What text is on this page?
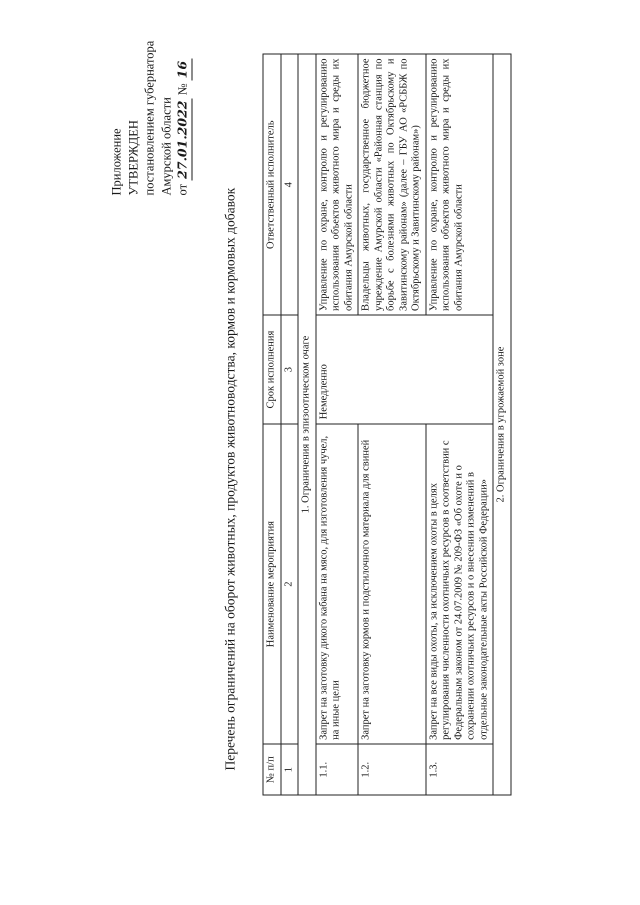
Приложение УТВЕРЖДЕН постановлением губернатора Амурской области от 27.01.2022 № 16
Перечень ограничений на оборот животных, продуктов животноводства, кормов и кормовых добавок	№ п/п	Наименование мероприятия	Срок исполнения	Ответственный исполнитель
1	2	3	4
1. Ограничения в эпизоотическом очаге			
1.1.	Запрет на заготовку дикого кабана на мясо, для изготовления чучел, на иные цели	Немедленно	Управление по охране, контролю и регулированию использования объектов животного мира и среды их обитания Амурской области
1.2.	Запрет на заготовку кормов и подстилочного материала для свиней		Владельцы животных, государственное бюджетное учреждение Амурской области «Районная станция по борьбе с болезнями животных по Октябрьскому и Завитинскому районам» (далее – ГБУ АО «РСББЖ по Октябрьскому и Завитинскому районам»)
1.3.	Запрет на все виды охоты, за исключением охоты в целях регулирования численности охотничьих ресурсов в соответствии с Федеральным законом от 24.07.2009 № 209-ФЗ «Об охоте и о сохранении охотничьих ресурсов и о внесении изменений в отдельные законодательные акты Российской Федерации»		Управление по охране, контролю и регулированию использования объектов животного мира и среды их обитания Амурской области
2. Ограничения в угрожаемой зоне			
